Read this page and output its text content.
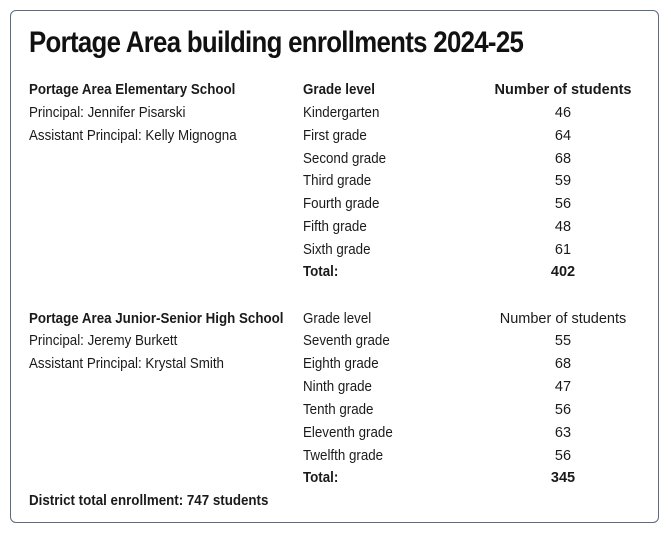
Portage Area building enrollments 2024-25
Portage Area Elementary School
Principal: Jennifer Pisarski
Assistant Principal: Kelly Mignogna
Grade level	Number of students
Kindergarten	46
First grade	64
Second grade	68
Third grade	59
Fourth grade	56
Fifth grade	48
Sixth grade	61
Total:	402
Portage Area Junior-Senior High School
Principal: Jeremy Burkett
Assistant Principal: Krystal Smith
Grade level	Number of students
Seventh grade	55
Eighth grade	68
Ninth grade	47
Tenth grade	56
Eleventh grade	63
Twelfth grade	56
Total:	345
District total enrollment: 747 students
